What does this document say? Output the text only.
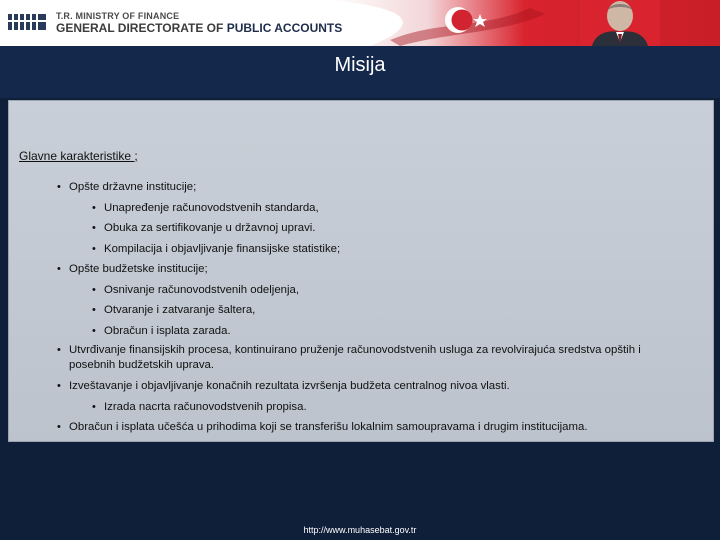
T.R. MINISTRY OF FINANCE
GENERAL DIRECTORATE OF PUBLIC ACCOUNTS
Misija
Glavne karakteristike ;
• Opšte državne institucije;
• Unapređenje računovodstvenih standarda,
• Obuka za sertifikovanje u državnoj upravi.
• Kompilacija i objavljivanje finansijske statistike;
• Opšte budžetske institucije;
• Osnivanje računovodstvenih odeljenja,
• Otvaranje i zatvaranje šaltera,
• Obračun i isplata zarada.
• Utvrđivanje finansijskih procesa, kontinuirano pruženje računovodstvenih usluga za revolvirajuća sredstva opštih i posebnih budžetskih uprava.
• Izveštavanje i objavljivanje konačnih rezultata izvršenja budžeta centralnog nivoa vlasti.
• Izrada nacrta računovodstvenih propisa.
• Obračun i isplata učešća u prihodima koji se transferišu lokalnim samoupravama i drugim institucijama.
http://www.muhasebat.gov.tr
